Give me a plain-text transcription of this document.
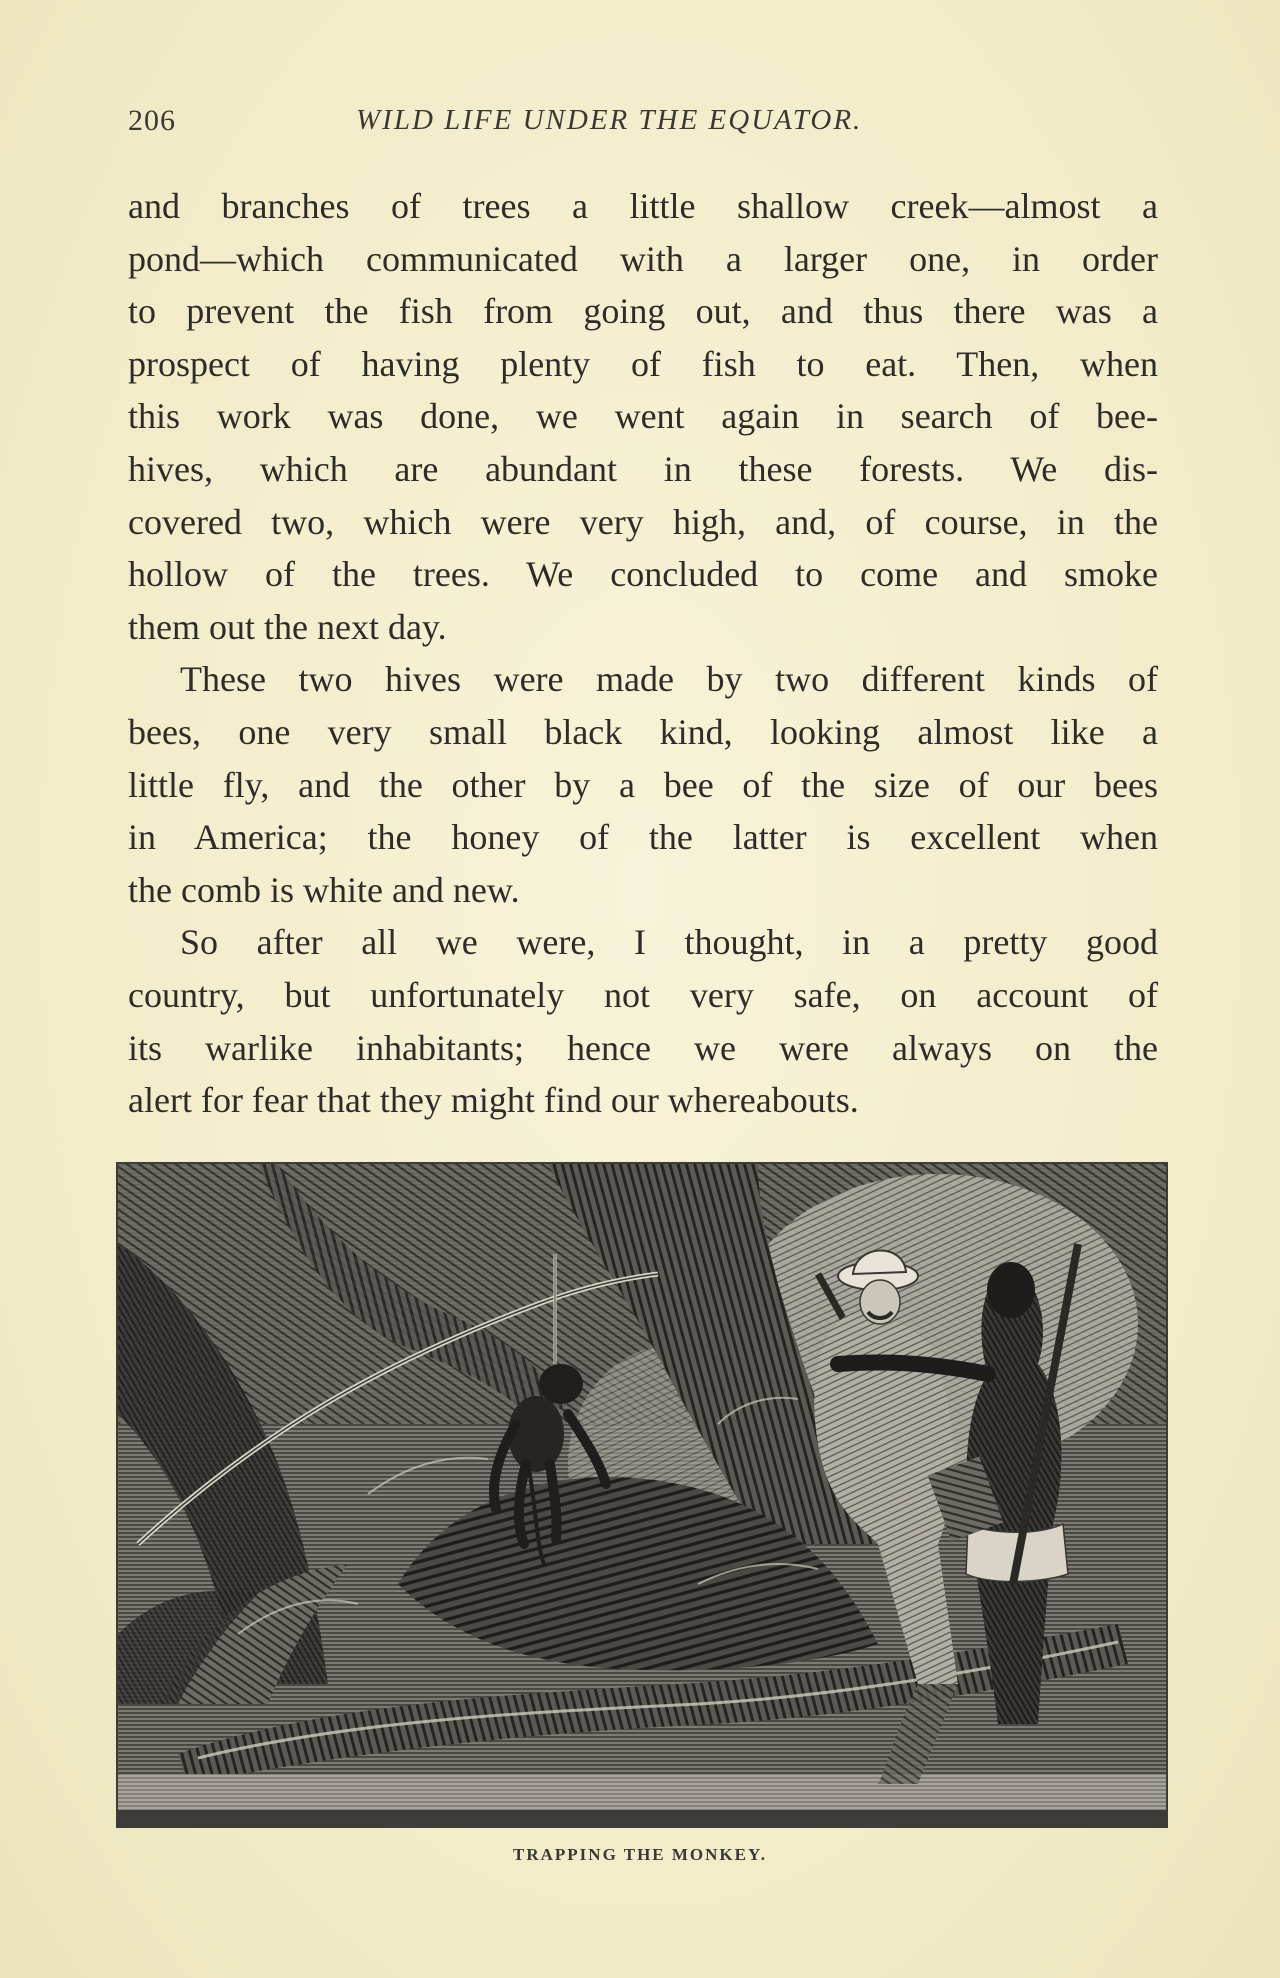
206	WILD LIFE UNDER THE EQUATOR.

and branches of trees a little shallow creek—almost a
pond—which communicated with a larger one, in order
to prevent the fish from going out, and thus there was a
prospect of having plenty of fish to eat. Then, when
this work was done, we went again in search of bee-
hives, which are abundant in these forests. We dis-
covered two, which were very high, and, of course, in the
hollow of the trees. We concluded to come and smoke
them out the next day.

These two hives were made by two different kinds of
bees, one very small black kind, looking almost like a
little fly, and the other by a bee of the size of our bees
in America; the honey of the latter is excellent when
the comb is white and new.

So after all we were, I thought, in a pretty good
country, but unfortunately not very safe, on account of
its warlike inhabitants; hence we were always on the
alert for fear that they might find our whereabouts.

TRAPPING THE MONKEY.
